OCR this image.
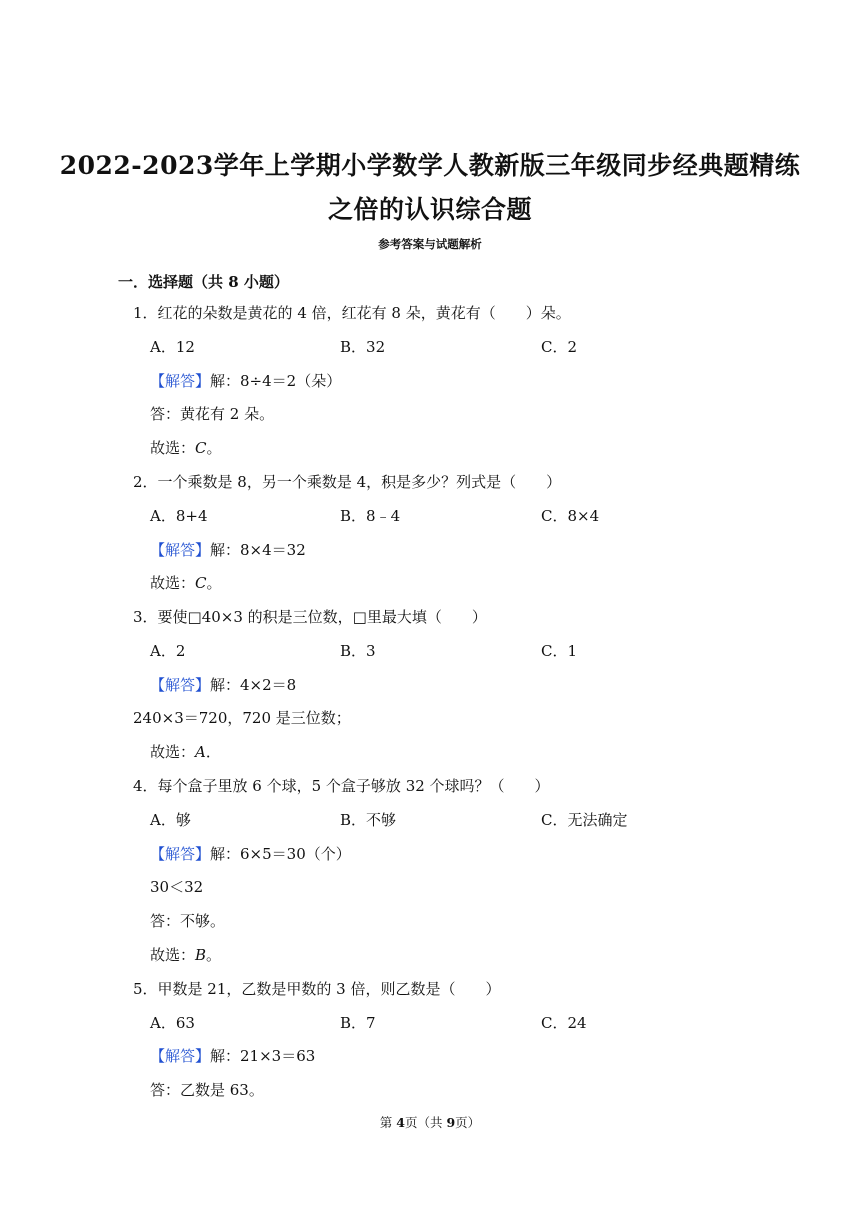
2022-2023学年上学期小学数学人教新版三年级同步经典题精练
之倍的认识综合题
参考答案与试题解析
一．选择题（共 8 小题）
1．红花的朵数是黄花的 4 倍，红花有 8 朵，黄花有（　　）朵。
A．12	B．32	C．2
【解答】解：8÷4＝2（朵）
答：黄花有 2 朵。
故选：C。
2．一个乘数是 8，另一个乘数是 4，积是多少？列式是（　　）
A．8+4	B．8﹣4	C．8×4
【解答】解：8×4＝32
故选：C。
3．要使□40×3 的积是三位数，□里最大填（　　）
A．2	B．3	C．1
【解答】解：4×2＝8
240×3＝720，720 是三位数；
故选：A．
4．每个盒子里放 6 个球，5 个盒子够放 32 个球吗？（　　）
A．够	B．不够	C．无法确定
【解答】解：6×5＝30（个）
30＜32
答：不够。
故选：B。
5．甲数是 21，乙数是甲数的 3 倍，则乙数是（　　）
A．63	B．7	C．24
【解答】解：21×3＝63
答：乙数是 63。
第 4页（共 9页）
